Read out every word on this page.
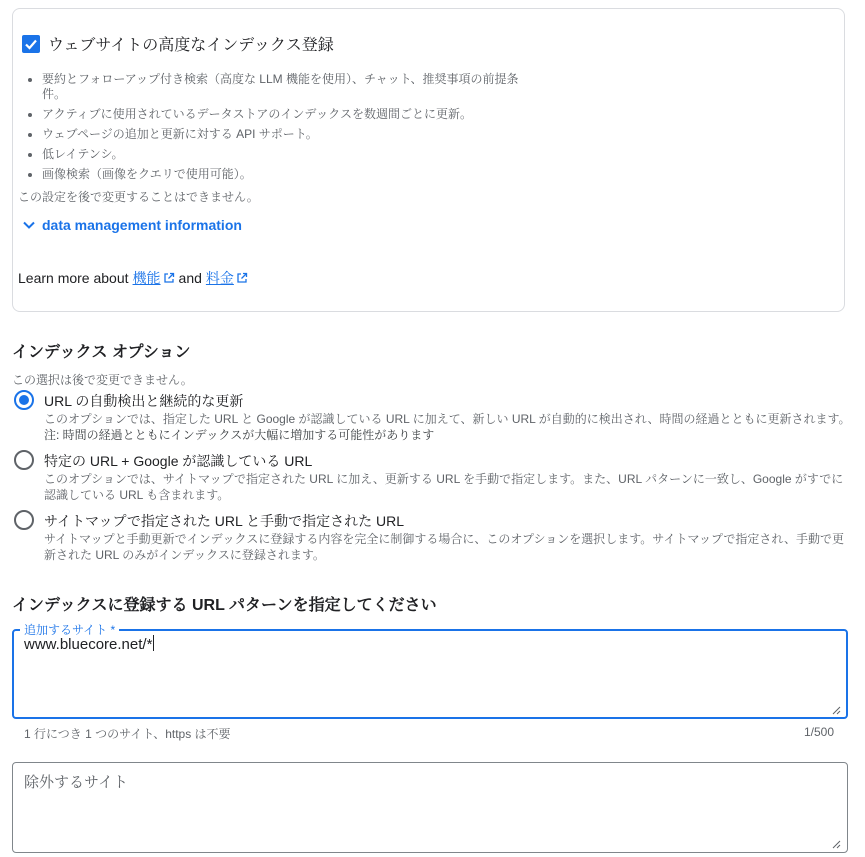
ウェブサイトの高度なインデックス登録
• 要約とフォローアップ付き検索（高度な LLM 機能を使用）、チャット、推奨事項の前提条件。
• アクティブに使用されているデータストアのインデックスを数週間ごとに更新。
• ウェブページの追加と更新に対する API サポート。
• 低レイテンシ。
• 画像検索（画像をクエリで使用可能）。
この設定を後で変更することはできません。
data management information
Learn more about 機能 and 料金
インデックス オプション
この選択は後で変更できません。
URL の自動検出と継続的な更新
このオプションでは、指定した URL と Google が認識している URL に加えて、新しい URL が自動的に検出され、時間の経過とともに更新されます。
注: 時間の経過とともにインデックスが大幅に増加する可能性があります
特定の URL + Google が認識している URL
このオプションでは、サイトマップで指定された URL に加え、更新する URL を手動で指定します。また、URL パターンに一致し、Google がすでに認識している URL も含まれます。
サイトマップで指定された URL と手動で指定された URL
サイトマップと手動更新でインデックスに登録する内容を完全に制御する場合に、このオプションを選択します。サイトマップで指定され、手動で更新された URL のみがインデックスに登録されます。
インデックスに登録する URL パターンを指定してください
追加するサイト *
www.bluecore.net/*
1 行につき 1 つのサイト、https は不要	1/500
除外するサイト
